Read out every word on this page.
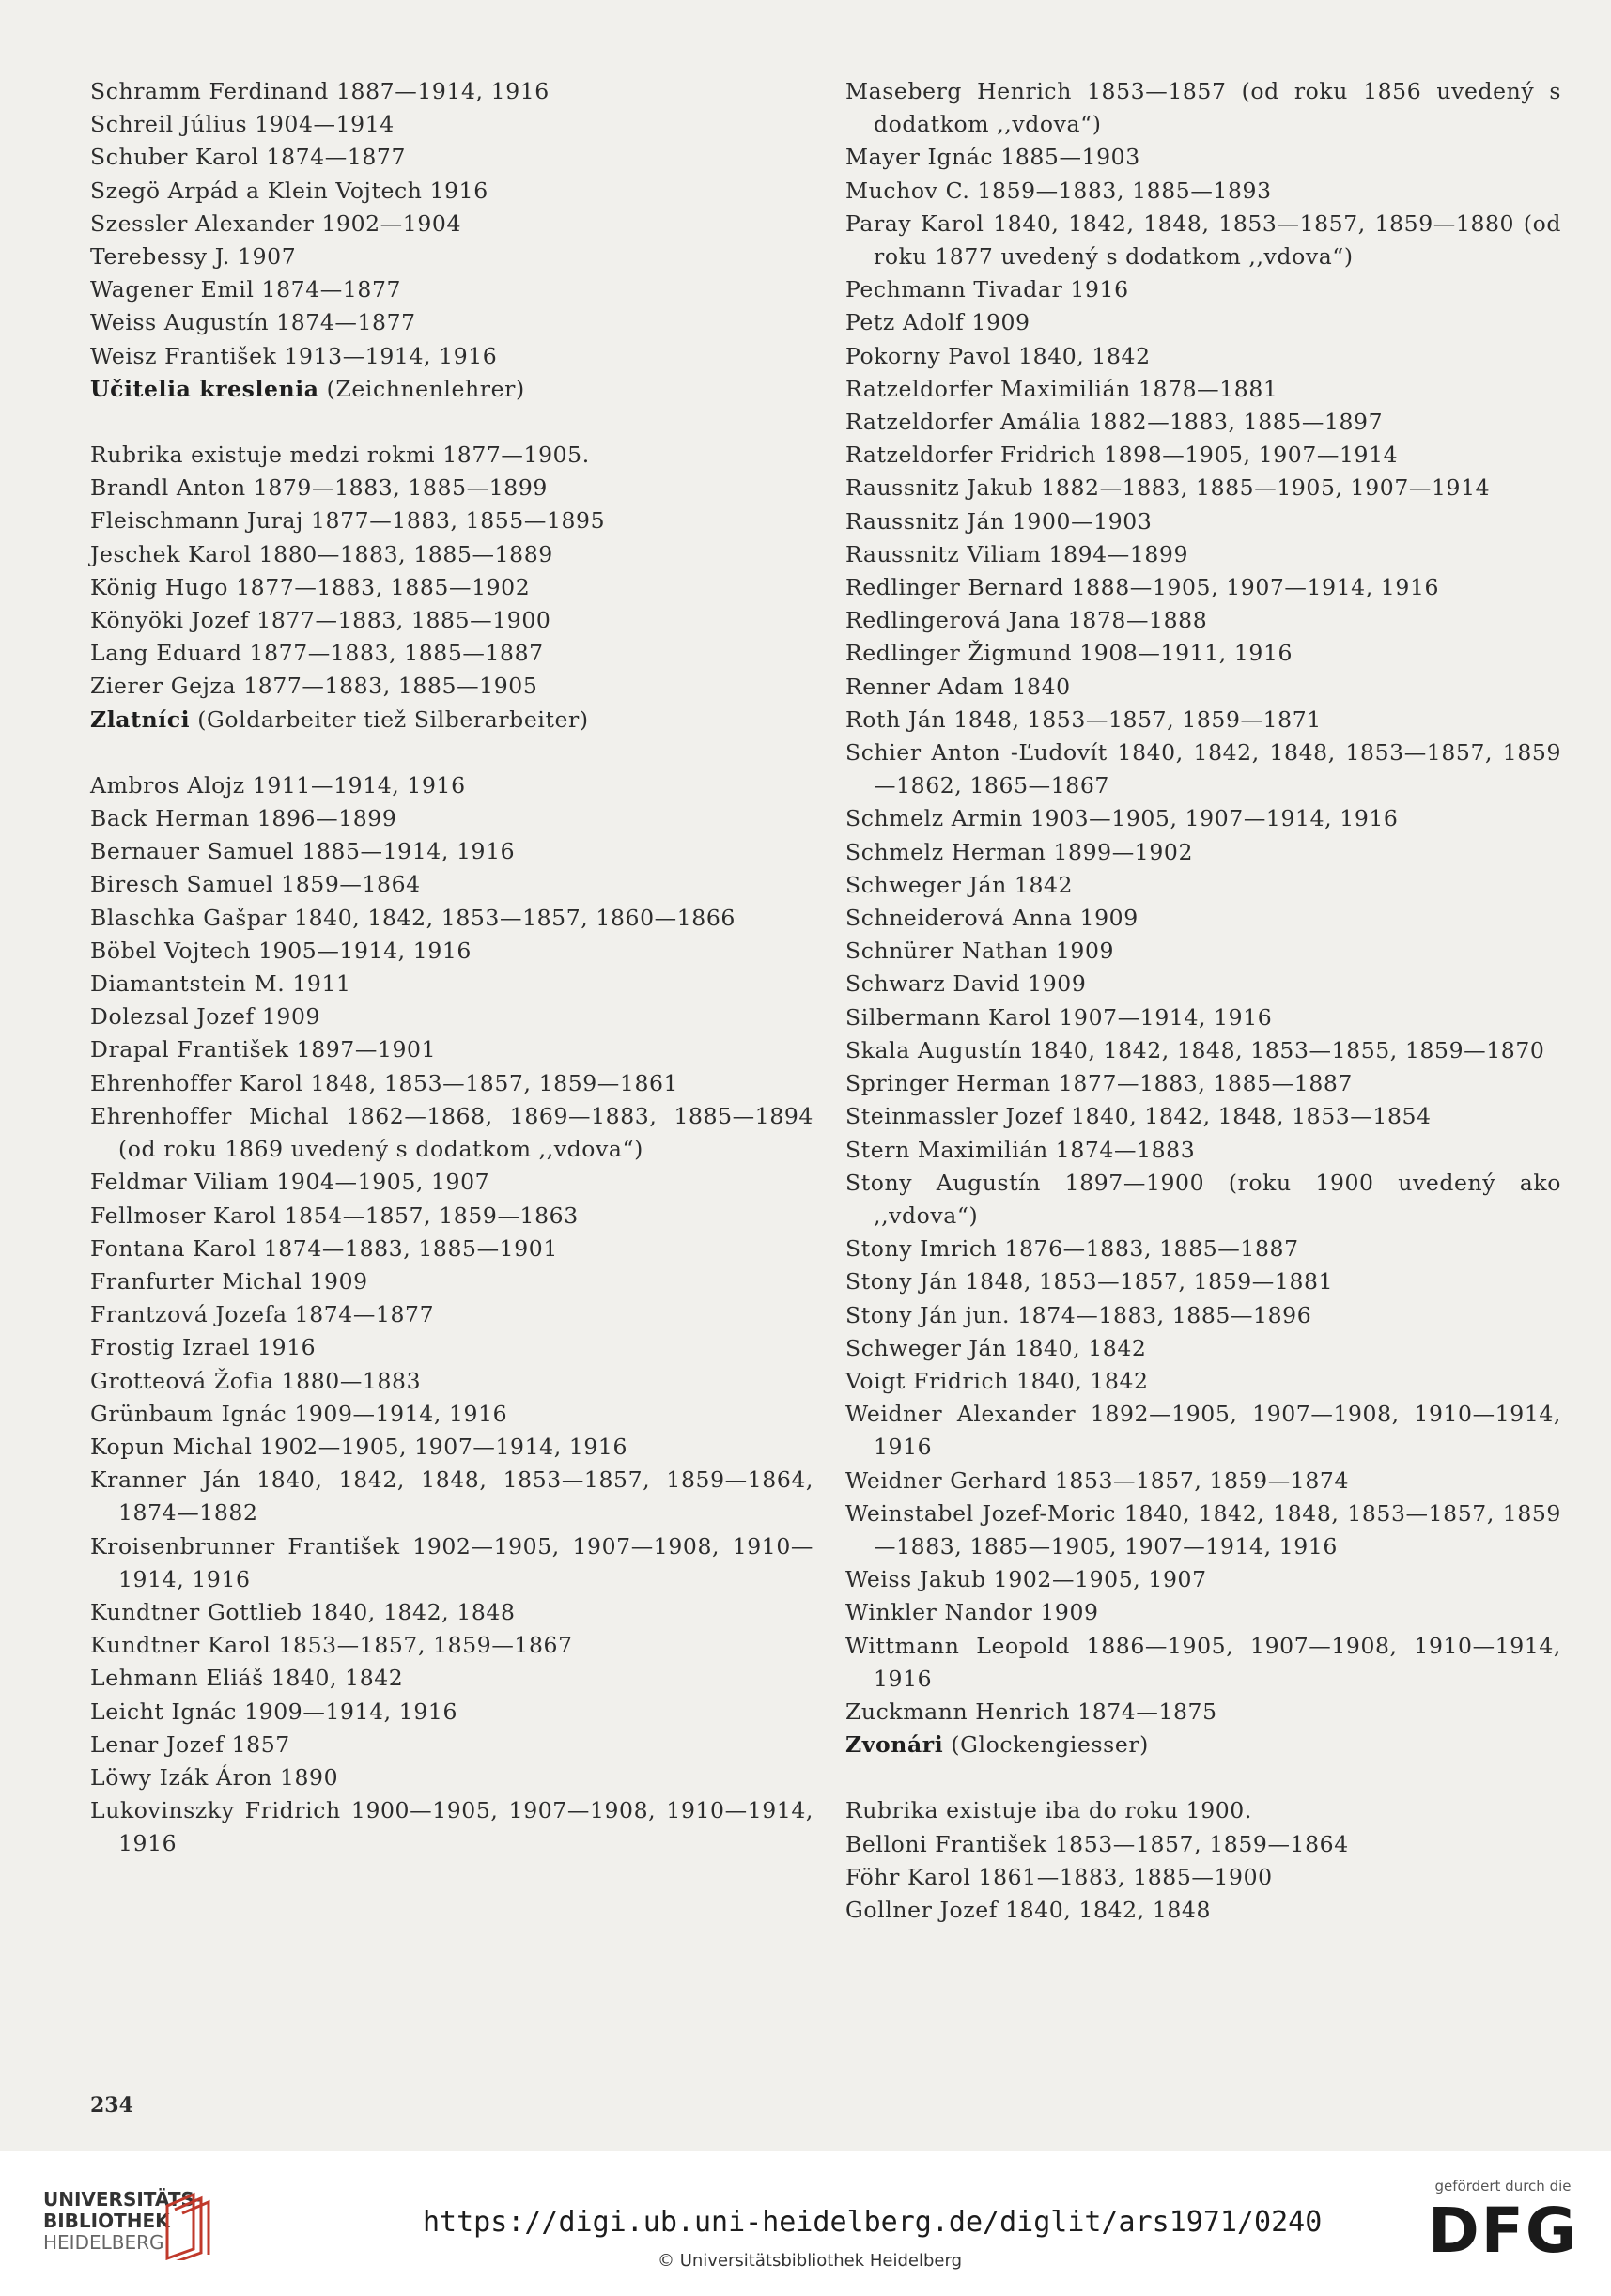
Schramm Ferdinand 1887—1914, 1916

Schreil Július 1904—1914

Schuber Karol 1874—1877

Szegö Arpád a Klein Vojtech 1916

Szessler Alexander 1902—1904

Terebessy J. 1907

Wagener Emil 1874—1877

Weiss Augustín 1874—1877

Weisz František 1913—1914, 1916

Učitelia kreslenia (Zeichnenlehrer)

Rubrika existuje medzi rokmi 1877—1905.

Brandl Anton 1879—1883, 1885—1899

Fleischmann Juraj 1877—1883, 1855—1895

Jeschek Karol 1880—1883, 1885—1889

König Hugo 1877—1883, 1885—1902

Könyöki Jozef 1877—1883, 1885—1900

Lang Eduard 1877—1883, 1885—1887

Zierer Gejza 1877—1883, 1885—1905

Zlatníci (Goldarbeiter tiež Silberarbeiter)

Ambros Alojz 1911—1914, 1916

Back Herman 1896—1899

Bernauer Samuel 1885—1914, 1916

Biresch Samuel 1859—1864

Blaschka Gašpar 1840, 1842, 1853—1857, 1860—1866

Böbel Vojtech 1905—1914, 1916

Diamantstein M. 1911

Dolezsal Jozef 1909

Drapal František 1897—1901

Ehrenhoffer Karol 1848, 1853—1857, 1859—1861

Ehrenhoffer Michal 1862—1868, 1869—1883, 1885—1894 (od roku 1869 uvedený s dodatkom ,,vdova“)

Feldmar Viliam 1904—1905, 1907

Fellmoser Karol 1854—1857, 1859—1863

Fontana Karol 1874—1883, 1885—1901

Franfurter Michal 1909

Frantzová Jozefa 1874—1877

Frostig Izrael 1916

Grotteová Žofia 1880—1883

Grünbaum Ignác 1909—1914, 1916

Kopun Michal 1902—1905, 1907—1914, 1916

Kranner Ján 1840, 1842, 1848, 1853—1857, 1859—1864, 1874—1882

Kroisenbrunner František 1902—1905, 1907—1908, 1910—1914, 1916

Kundtner Gottlieb 1840, 1842, 1848

Kundtner Karol 1853—1857, 1859—1867

Lehmann Eliáš 1840, 1842

Leicht Ignác 1909—1914, 1916

Lenar Jozef 1857

Löwy Izák Áron 1890

Lukovinszky Fridrich 1900—1905, 1907—1908, 1910—1914, 1916

Maseberg Henrich 1853—1857 (od roku 1856 uvedený s dodatkom ,,vdova“)

Mayer Ignác 1885—1903

Muchov C. 1859—1883, 1885—1893

Paray Karol 1840, 1842, 1848, 1853—1857, 1859—1880 (od roku 1877 uvedený s dodatkom ,,vdova“)

Pechmann Tivadar 1916

Petz Adolf 1909

Pokorny Pavol 1840, 1842

Ratzeldorfer Maximilián 1878—1881

Ratzeldorfer Amália 1882—1883, 1885—1897

Ratzeldorfer Fridrich 1898—1905, 1907—1914

Raussnitz Jakub 1882—1883, 1885—1905, 1907—1914

Raussnitz Ján 1900—1903

Raussnitz Viliam 1894—1899

Redlinger Bernard 1888—1905, 1907—1914, 1916

Redlingerová Jana 1878—1888

Redlinger Žigmund 1908—1911, 1916

Renner Adam 1840

Roth Ján 1848, 1853—1857, 1859—1871

Schier Anton -Ľudovít 1840, 1842, 1848, 1853—1857, 1859—1862, 1865—1867

Schmelz Armin 1903—1905, 1907—1914, 1916

Schmelz Herman 1899—1902

Schweger Ján 1842

Schneiderová Anna 1909

Schnürer Nathan 1909

Schwarz David 1909

Silbermann Karol 1907—1914, 1916

Skala Augustín 1840, 1842, 1848, 1853—1855, 1859—1870

Springer Herman 1877—1883, 1885—1887

Steinmassler Jozef 1840, 1842, 1848, 1853—1854

Stern Maximilián 1874—1883

Stony Augustín 1897—1900 (roku 1900 uvedený ako ,,vdova“)

Stony Imrich 1876—1883, 1885—1887

Stony Ján 1848, 1853—1857, 1859—1881

Stony Ján jun. 1874—1883, 1885—1896

Schweger Ján 1840, 1842

Voigt Fridrich 1840, 1842

Weidner Alexander 1892—1905, 1907—1908, 1910—1914, 1916

Weidner Gerhard 1853—1857, 1859—1874

Weinstabel Jozef-Moric 1840, 1842, 1848, 1853—1857, 1859—1883, 1885—1905, 1907—1914, 1916

Weiss Jakub 1902—1905, 1907

Winkler Nandor 1909

Wittmann Leopold 1886—1905, 1907—1908, 1910—1914, 1916

Zuckmann Henrich 1874—1875

Zvonári (Glockengiesser)

Rubrika existuje iba do roku 1900.

Belloni František 1853—1857, 1859—1864

Föhr Karol 1861—1883, 1885—1900

Gollner Jozef 1840, 1842, 1848

234
UNIVERSITÄTS-
BIBLIOTHEK
HEIDELBERG
https://digi.ub.uni-heidelberg.de/diglit/ars1971/0240
© Universitätsbibliothek Heidelberg
gefördert durch die
DFG
